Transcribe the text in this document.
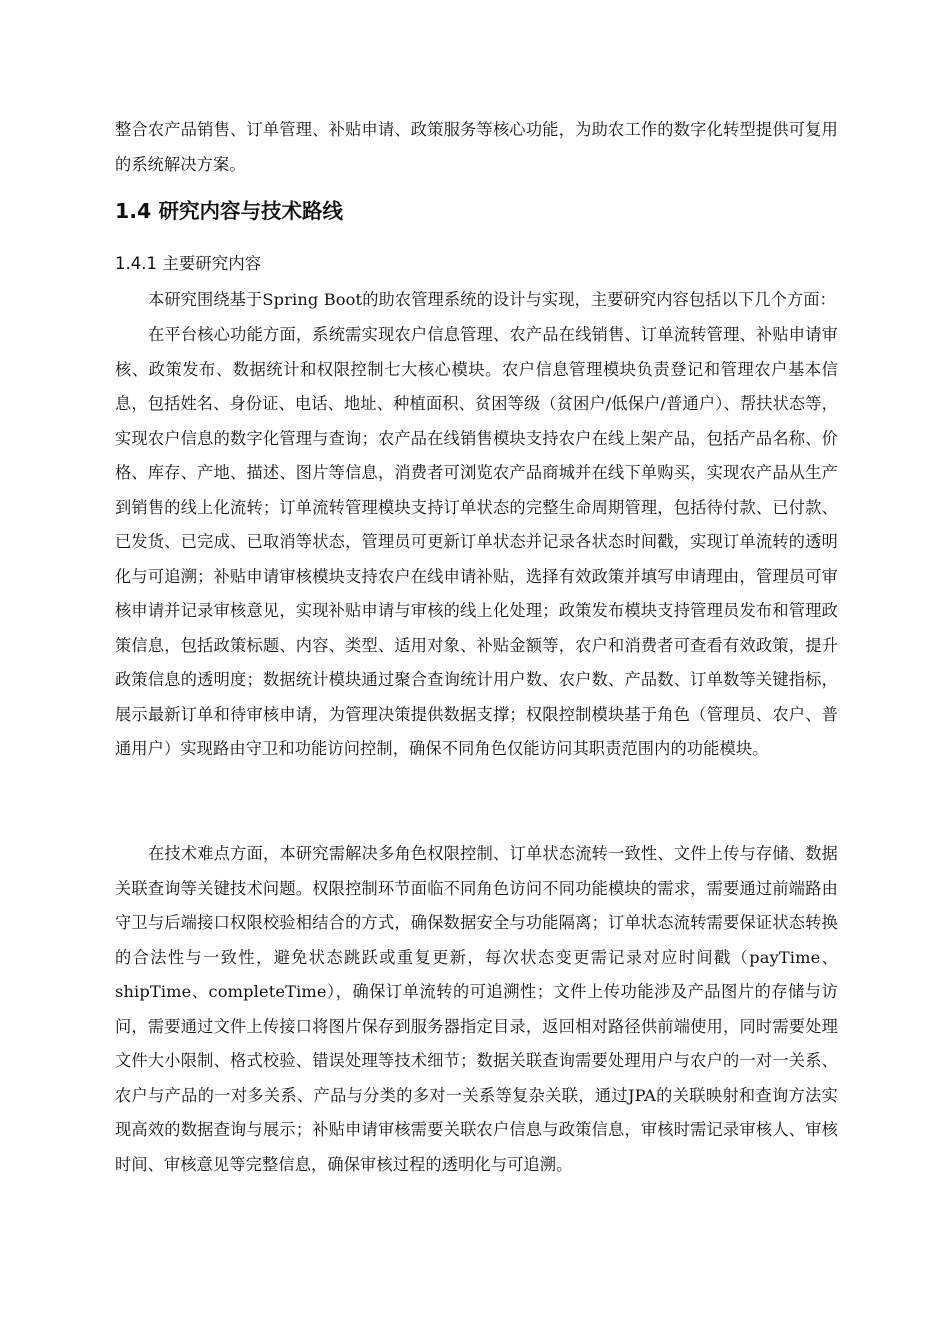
整合农产品销售、订单管理、补贴申请、政策服务等核心功能，为助农工作的数字化转型提供可复用的系统解决方案。

1.4 研究内容与技术路线
1.4.1 主要研究内容

本研究围绕基于Spring Boot的助农管理系统的设计与实现，主要研究内容包括以下几个方面：

在平台核心功能方面，系统需实现农户信息管理、农产品在线销售、订单流转管理、补贴申请审核、政策发布、数据统计和权限控制七大核心模块。农户信息管理模块负责登记和管理农户基本信息，包括姓名、身份证、电话、地址、种植面积、贫困等级（贫困户/低保户/普通户）、帮扶状态等，实现农户信息的数字化管理与查询；农产品在线销售模块支持农户在线上架产品，包括产品名称、价格、库存、产地、描述、图片等信息，消费者可浏览农产品商城并在线下单购买，实现农产品从生产到销售的线上化流转；订单流转管理模块支持订单状态的完整生命周期管理，包括待付款、已付款、已发货、已完成、已取消等状态，管理员可更新订单状态并记录各状态时间戳，实现订单流转的透明化与可追溯；补贴申请审核模块支持农户在线申请补贴，选择有效政策并填写申请理由，管理员可审核申请并记录审核意见，实现补贴申请与审核的线上化处理；政策发布模块支持管理员发布和管理政策信息，包括政策标题、内容、类型、适用对象、补贴金额等，农户和消费者可查看有效政策，提升政策信息的透明度；数据统计模块通过聚合查询统计用户数、农户数、产品数、订单数等关键指标，展示最新订单和待审核申请，为管理决策提供数据支撑；权限控制模块基于角色（管理员、农户、普通用户）实现路由守卫和功能访问控制，确保不同角色仅能访问其职责范围内的功能模块。

在技术难点方面，本研究需解决多角色权限控制、订单状态流转一致性、文件上传与存储、数据关联查询等关键技术问题。权限控制环节面临不同角色访问不同功能模块的需求，需要通过前端路由守卫与后端接口权限校验相结合的方式，确保数据安全与功能隔离；订单状态流转需要保证状态转换的合法性与一致性，避免状态跳跃或重复更新，每次状态变更需记录对应时间戳（payTime、shipTime、completeTime），确保订单流转的可追溯性；文件上传功能涉及产品图片的存储与访问，需要通过文件上传接口将图片保存到服务器指定目录，返回相对路径供前端使用，同时需要处理文件大小限制、格式校验、错误处理等技术细节；数据关联查询需要处理用户与农户的一对一关系、农户与产品的一对多关系、产品与分类的多对一关系等复杂关联，通过JPA的关联映射和查询方法实现高效的数据查询与展示；补贴申请审核需要关联农户信息与政策信息，审核时需记录审核人、审核时间、审核意见等完整信息，确保审核过程的透明化与可追溯。
